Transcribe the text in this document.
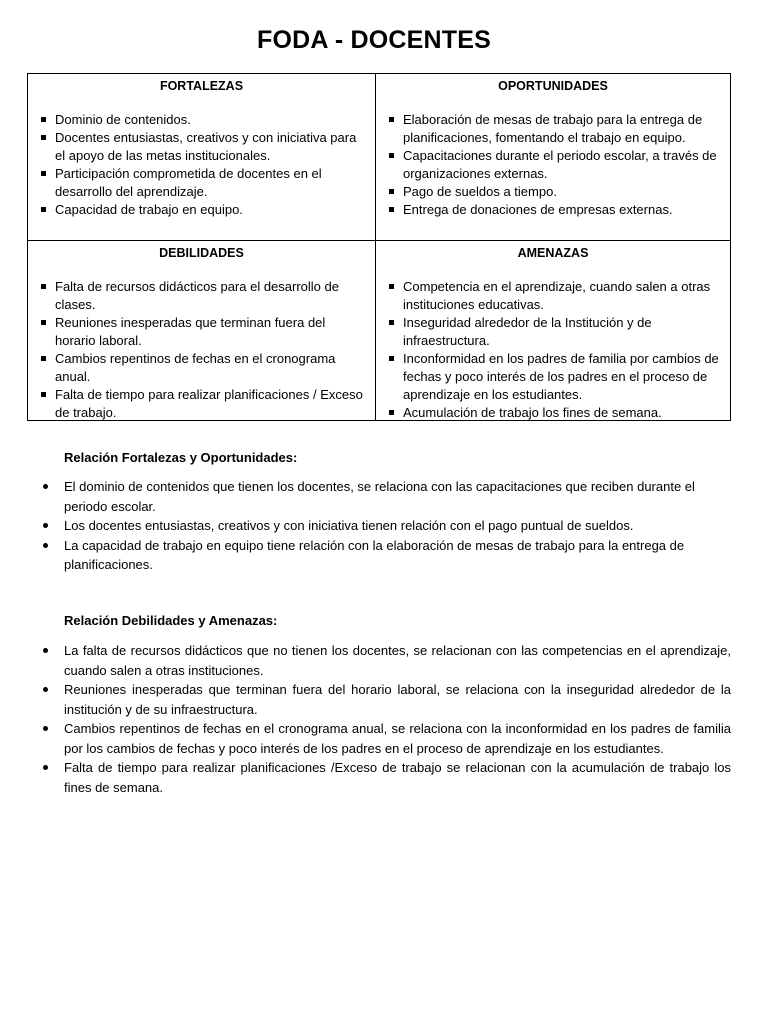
FODA - DOCENTES
FORTALEZAS
Dominio de contenidos.
Docentes entusiastas, creativos y con iniciativa para el apoyo de las metas institucionales.
Participación comprometida de docentes en el desarrollo del aprendizaje.
Capacidad de trabajo en equipo.
OPORTUNIDADES
Elaboración de mesas de trabajo para la entrega de planificaciones, fomentando el trabajo en equipo.
Capacitaciones durante el periodo escolar, a través de organizaciones externas.
Pago de sueldos a tiempo.
Entrega de donaciones de empresas externas.
DEBILIDADES
Falta de recursos didácticos para el desarrollo de clases.
Reuniones inesperadas que terminan fuera del horario laboral.
Cambios repentinos de fechas en el cronograma anual.
Falta de tiempo para realizar planificaciones / Exceso de trabajo.
AMENAZAS
Competencia en el aprendizaje, cuando salen a otras instituciones educativas.
Inseguridad alrededor de la Institución y de infraestructura.
Inconformidad en los padres de familia por cambios de fechas y poco interés de los padres en el proceso de aprendizaje en los estudiantes.
Acumulación de trabajo los fines de semana.
Relación Fortalezas y Oportunidades:
El dominio de contenidos que tienen los docentes, se relaciona con las capacitaciones que reciben durante el periodo escolar.
Los docentes entusiastas, creativos y con iniciativa tienen relación con el pago puntual de sueldos.
La capacidad de trabajo en equipo tiene relación con la elaboración de mesas de trabajo para la entrega de planificaciones.
Relación Debilidades y Amenazas:
La falta de recursos didácticos que no tienen los docentes, se relacionan con las competencias en el aprendizaje, cuando salen a otras instituciones.
Reuniones inesperadas que terminan fuera del horario laboral, se relaciona con la inseguridad alrededor de la institución y de su infraestructura.
Cambios repentinos de fechas en el cronograma anual, se relaciona con la inconformidad en los padres de familia por los cambios de fechas y poco interés de los padres en el proceso de aprendizaje en los estudiantes.
Falta de tiempo para realizar planificaciones /Exceso de trabajo se relacionan con la acumulación de trabajo los fines de semana.
